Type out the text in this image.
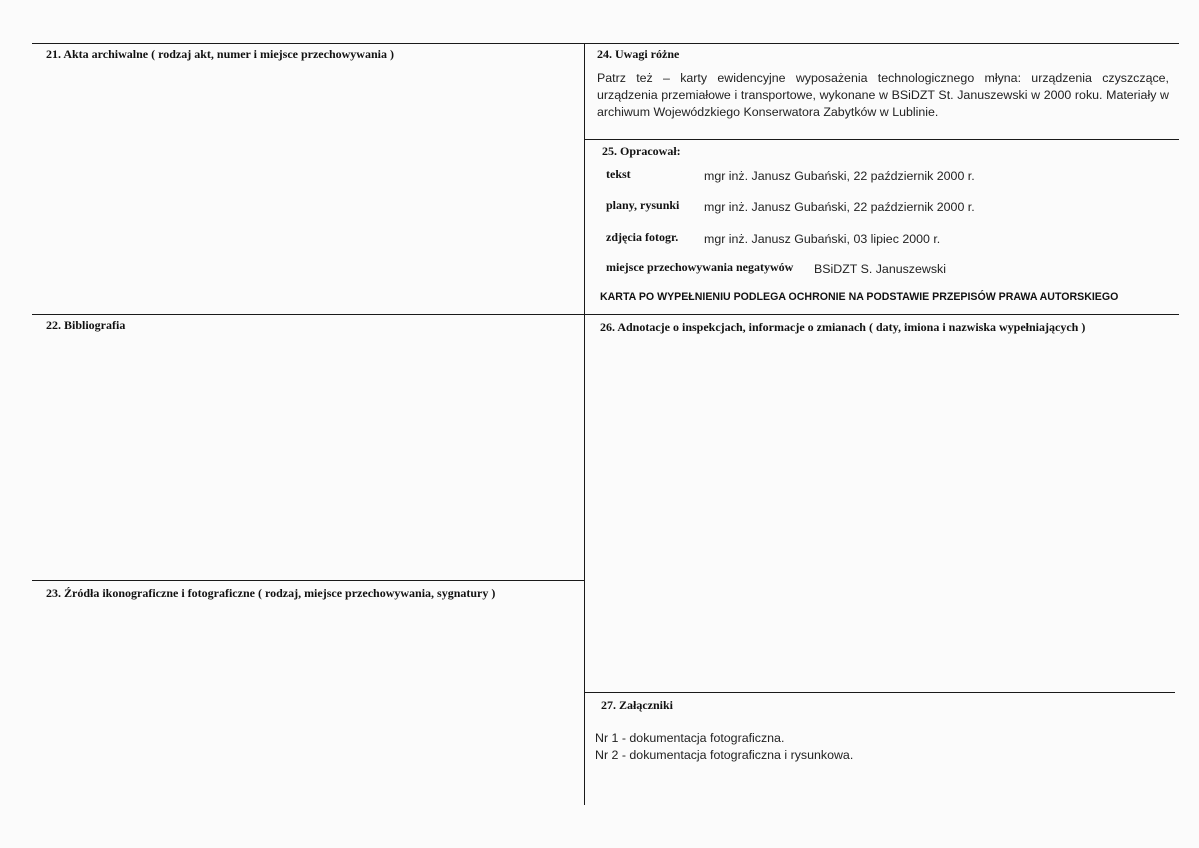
21. Akta archiwalne ( rodzaj akt, numer i miejsce przechowywania )
22. Bibliografia
23. Źródła ikonograficzne i fotograficzne ( rodzaj, miejsce przechowywania, sygnatury )
24. Uwagi różne
Patrz też – karty ewidencyjne wyposażenia technologicznego młyna: urządzenia czyszczące, urządzenia przemiałowe i transportowe, wykonane w BSiDZT St. Januszewski w 2000 roku. Materiały w archiwum Wojewódzkiego Konserwatora Zabytków w Lublinie.
25. Opracował:
tekst	mgr inż. Janusz Gubański, 22 październik 2000 r.
plany, rysunki mgr inż. Janusz Gubański, 22 październik 2000 r.
zdjęcia fotogr. mgr inż. Janusz Gubański, 03 lipiec 2000 r.
miejsce przechowywania negatywów BSiDZT S. Januszewski
KARTA PO WYPEŁNIENIU PODLEGA OCHRONIE NA PODSTAWIE PRZEPISÓW PRAWA AUTORSKIEGO
26. Adnotacje o inspekcjach, informacje o zmianach ( daty, imiona i nazwiska wypełniających )
27. Załączniki
Nr 1 - dokumentacja fotograficzna.
Nr 2 - dokumentacja fotograficzna i rysunkowa.
